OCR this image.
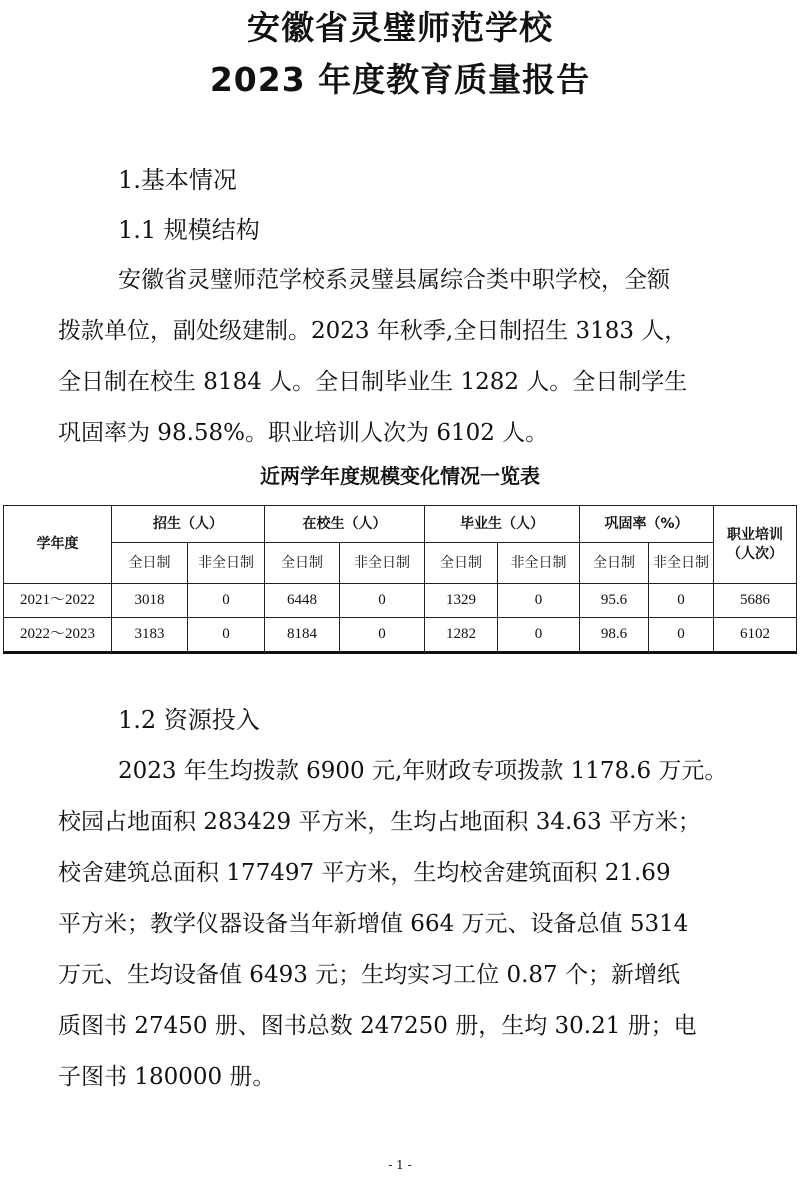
安徽省灵璧师范学校
2023 年度教育质量报告
1.基本情况
1.1 规模结构
安徽省灵璧师范学校系灵璧县属综合类中职学校，全额
拨款单位，副处级建制。2023 年秋季,全日制招生 3183 人，
全日制在校生 8184 人。全日制毕业生 1282 人。全日制学生
巩固率为 98.58%。职业培训人次为 6102 人。
近两学年度规模变化情况一览表
学年度	招生（人）		在校生（人）		毕业生（人）		巩固率（%）		职业培训（人次）
	全日制	非全日制	全日制	非全日制	全日制	非全日制	全日制	非全日制	
2021～2022	3018	0	6448	0	1329	0	95.6	0	5686
2022～2023	3183	0	8184	0	1282	0	98.6	0	6102
1.2 资源投入
2023 年生均拨款 6900 元,年财政专项拨款 1178.6 万元。
校园占地面积 283429 平方米，生均占地面积 34.63 平方米；
校舍建筑总面积 177497 平方米，生均校舍建筑面积 21.69
平方米；教学仪器设备当年新增值 664 万元、设备总值 5314
万元、生均设备值 6493 元；生均实习工位 0.87 个；新增纸
质图书 27450 册、图书总数 247250 册，生均 30.21 册；电
子图书 180000 册。
- 1 -
